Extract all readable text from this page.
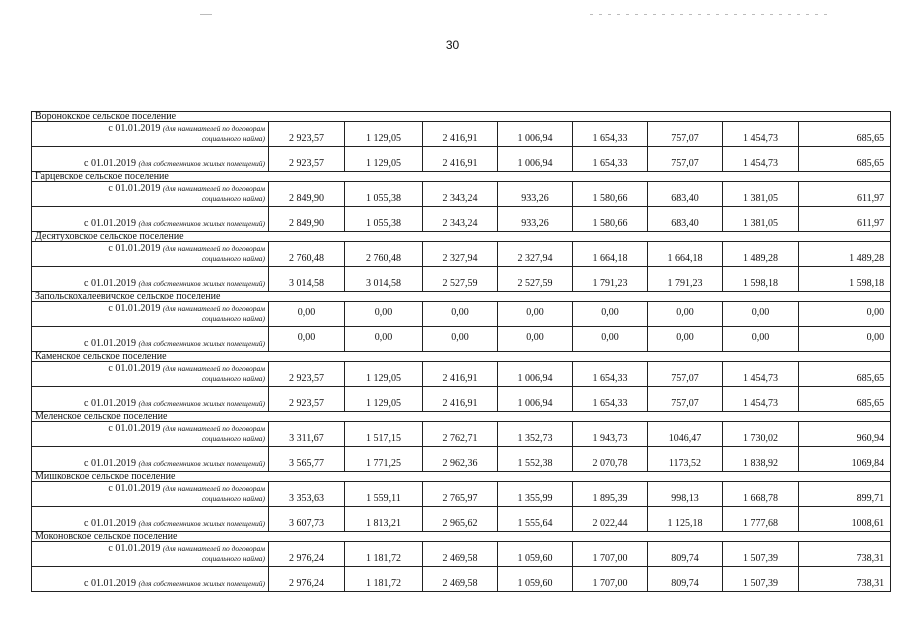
30
Воронокское сельское поселение								

с 01.01.2019 (для нанимателей по договорам
социального найма)	2 923,57	1 129,05	2 416,91	1 006,94	1 654,33	757,07	1 454,73	685,65

с 01.01.2019 (для собственников жилых помещений)	2 923,57	1 129,05	2 416,91	1 006,94	1 654,33	757,07	1 454,73	685,65
Гарцевское сельское поселение								

с 01.01.2019 (для нанимателей по договорам
социального найма)	2 849,90	1 055,38	2 343,24	933,26	1 580,66	683,40	1 381,05	611,97

с 01.01.2019 (для собственников жилых помещений)	2 849,90	1 055,38	2 343,24	933,26	1 580,66	683,40	1 381,05	611,97
Десятуховское сельское поселение								

с 01.01.2019 (для нанимателей по договорам
социального найма)	2 760,48	2 760,48	2 327,94	2 327,94	1 664,18	1 664,18	1 489,28	1 489,28

с 01.01.2019 (для собственников жилых помещений)	3 014,58	3 014,58	2 527,59	2 527,59	1 791,23	1 791,23	1 598,18	1 598,18
Запольскохалеевичское сельское поселение								

с 01.01.2019 (для нанимателей по договорам
социального найма)	0,00	0,00	0,00	0,00	0,00	0,00	0,00	0,00

с 01.01.2019 (для собственников жилых помещений)	0,00	0,00	0,00	0,00	0,00	0,00	0,00	0,00
Каменское сельское поселение								

с 01.01.2019 (для нанимателей по договорам
социального найма)	2 923,57	1 129,05	2 416,91	1 006,94	1 654,33	757,07	1 454,73	685,65

с 01.01.2019 (для собственников жилых помещений)	2 923,57	1 129,05	2 416,91	1 006,94	1 654,33	757,07	1 454,73	685,65
Меленское сельское поселение								

с 01.01.2019 (для нанимателей по договорам
социального найма)	3 311,67	1 517,15	2 762,71	1 352,73	1 943,73	1046,47	1 730,02	960,94

с 01.01.2019 (для собственников жилых помещений)	3 565,77	1 771,25	2 962,36	1 552,38	2 070,78	1173,52	1 838,92	1069,84
Мишковское сельское поселение								

с 01.01.2019 (для нанимателей по договорам
социального найма)	3 353,63	1 559,11	2 765,97	1 355,99	1 895,39	998,13	1 668,78	899,71

с 01.01.2019 (для собственников жилых помещений)	3 607,73	1 813,21	2 965,62	1 555,64	2 022,44	1 125,18	1 777,68	1008,61
Моконовское сельское поселение								

с 01.01.2019 (для нанимателей по договорам
социального найма)	2 976,24	1 181,72	2 469,58	1 059,60	1 707,00	809,74	1 507,39	738,31

с 01.01.2019 (для собственников жилых помещений)	2 976,24	1 181,72	2 469,58	1 059,60	1 707,00	809,74	1 507,39	738,31
